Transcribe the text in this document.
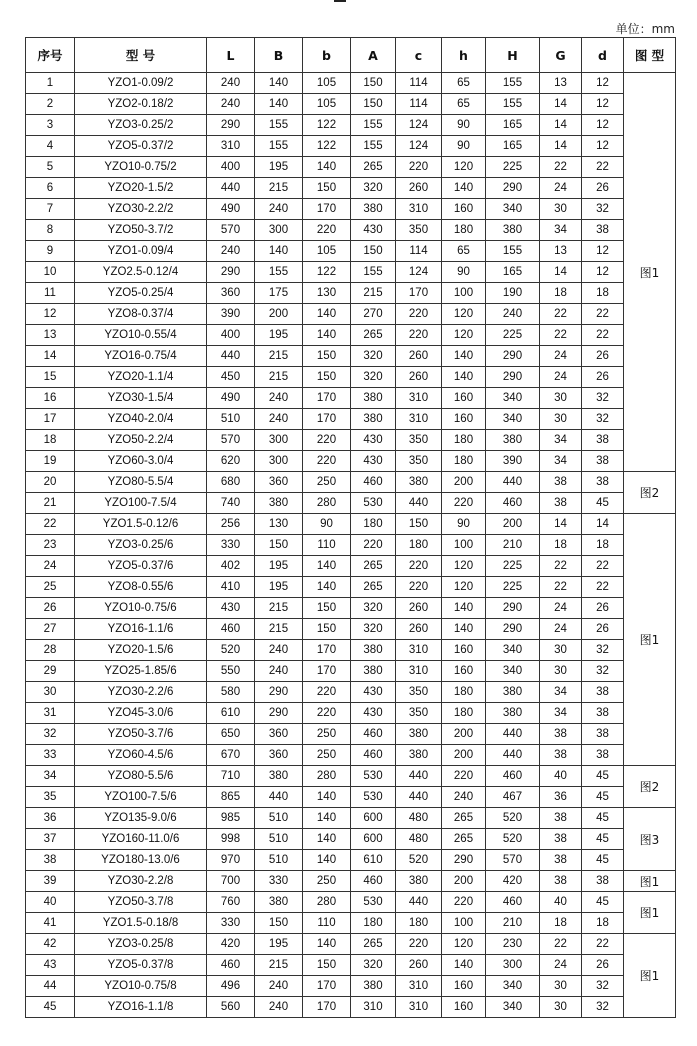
单位：mm
序号	型 号	L	B	b	A	c	h	H	G	d	图 型
1	YZO1-0.09/2	240	140	105	150	114	65	155	13	12	图1
2	YZO2-0.18/2	240	140	105	150	114	65	155	14	12	
3	YZO3-0.25/2	290	155	122	155	124	90	165	14	12	
4	YZO5-0.37/2	310	155	122	155	124	90	165	14	12	
5	YZO10-0.75/2	400	195	140	265	220	120	225	22	22	
6	YZO20-1.5/2	440	215	150	320	260	140	290	24	26	
7	YZO30-2.2/2	490	240	170	380	310	160	340	30	32	
8	YZO50-3.7/2	570	300	220	430	350	180	380	34	38	
9	YZO1-0.09/4	240	140	105	150	114	65	155	13	12	
10	YZO2.5-0.12/4	290	155	122	155	124	90	165	14	12	
11	YZO5-0.25/4	360	175	130	215	170	100	190	18	18	
12	YZO8-0.37/4	390	200	140	270	220	120	240	22	22	
13	YZO10-0.55/4	400	195	140	265	220	120	225	22	22	
14	YZO16-0.75/4	440	215	150	320	260	140	290	24	26	
15	YZO20-1.1/4	450	215	150	320	260	140	290	24	26	
16	YZO30-1.5/4	490	240	170	380	310	160	340	30	32	
17	YZO40-2.0/4	510	240	170	380	310	160	340	30	32	
18	YZO50-2.2/4	570	300	220	430	350	180	380	34	38	
19	YZO60-3.0/4	620	300	220	430	350	180	390	34	38	
20	YZO80-5.5/4	680	360	250	460	380	200	440	38	38	图2
21	YZO100-7.5/4	740	380	280	530	440	220	460	38	45	
22	YZO1.5-0.12/6	256	130	90	180	150	90	200	14	14	图1
23	YZO3-0.25/6	330	150	110	220	180	100	210	18	18	
24	YZO5-0.37/6	402	195	140	265	220	120	225	22	22	
25	YZO8-0.55/6	410	195	140	265	220	120	225	22	22	
26	YZO10-0.75/6	430	215	150	320	260	140	290	24	26	
27	YZO16-1.1/6	460	215	150	320	260	140	290	24	26	
28	YZO20-1.5/6	520	240	170	380	310	160	340	30	32	
29	YZO25-1.85/6	550	240	170	380	310	160	340	30	32	
30	YZO30-2.2/6	580	290	220	430	350	180	380	34	38	
31	YZO45-3.0/6	610	290	220	430	350	180	380	34	38	
32	YZO50-3.7/6	650	360	250	460	380	200	440	38	38	
33	YZO60-4.5/6	670	360	250	460	380	200	440	38	38	
34	YZO80-5.5/6	710	380	280	530	440	220	460	40	45	图2
35	YZO100-7.5/6	865	440	140	530	440	240	467	36	45	
36	YZO135-9.0/6	985	510	140	600	480	265	520	38	45	图3
37	YZO160-11.0/6	998	510	140	600	480	265	520	38	45	
38	YZO180-13.0/6	970	510	140	610	520	290	570	38	45	
39	YZO30-2.2/8	700	330	250	460	380	200	420	38	38	图1
40	YZO50-3.7/8	760	380	280	530	440	220	460	40	45	图1
41	YZO1.5-0.18/8	330	150	110	180	180	100	210	18	18	
42	YZO3-0.25/8	420	195	140	265	220	120	230	22	22	图1
43	YZO5-0.37/8	460	215	150	320	260	140	300	24	26	
44	YZO10-0.75/8	496	240	170	380	310	160	340	30	32	
45	YZO16-1.1/8	560	240	170	310	310	160	340	30	32	
